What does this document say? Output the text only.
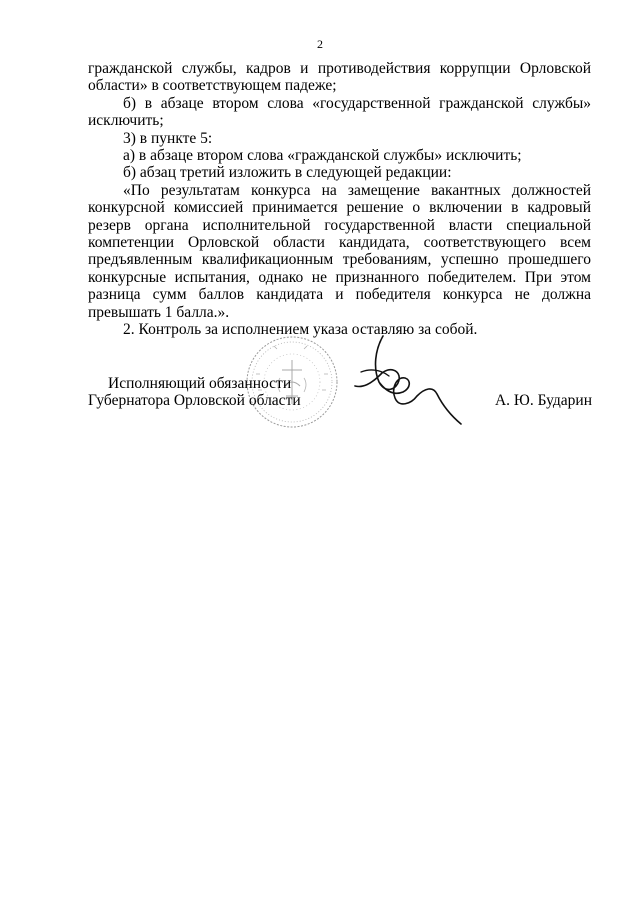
2

гражданской службы, кадров и противодействия коррупции Орловской области» в соответствующем падеже;

б) в абзаце втором слова «государственной гражданской службы» исключить;

3) в пункте 5:

а) в абзаце втором слова «гражданской службы» исключить;

б) абзац третий изложить в следующей редакции:

«По результатам конкурса на замещение вакантных должностей конкурсной комиссией принимается решение о включении в кадровый резерв органа исполнительной государственной власти специальной компетенции Орловской области кандидата, соответствующего всем предъявленным квалификационным требованиям, успешно прошедшего конкурсные испытания, однако не признанного победителем. При этом разница сумм баллов кандидата и победителя конкурса не должна превышать 1 балла.».

2. Контроль за исполнением указа оставляю за собой.

Исполняющий обязанности
Губернатора Орловской области	А. Ю. Бударин
